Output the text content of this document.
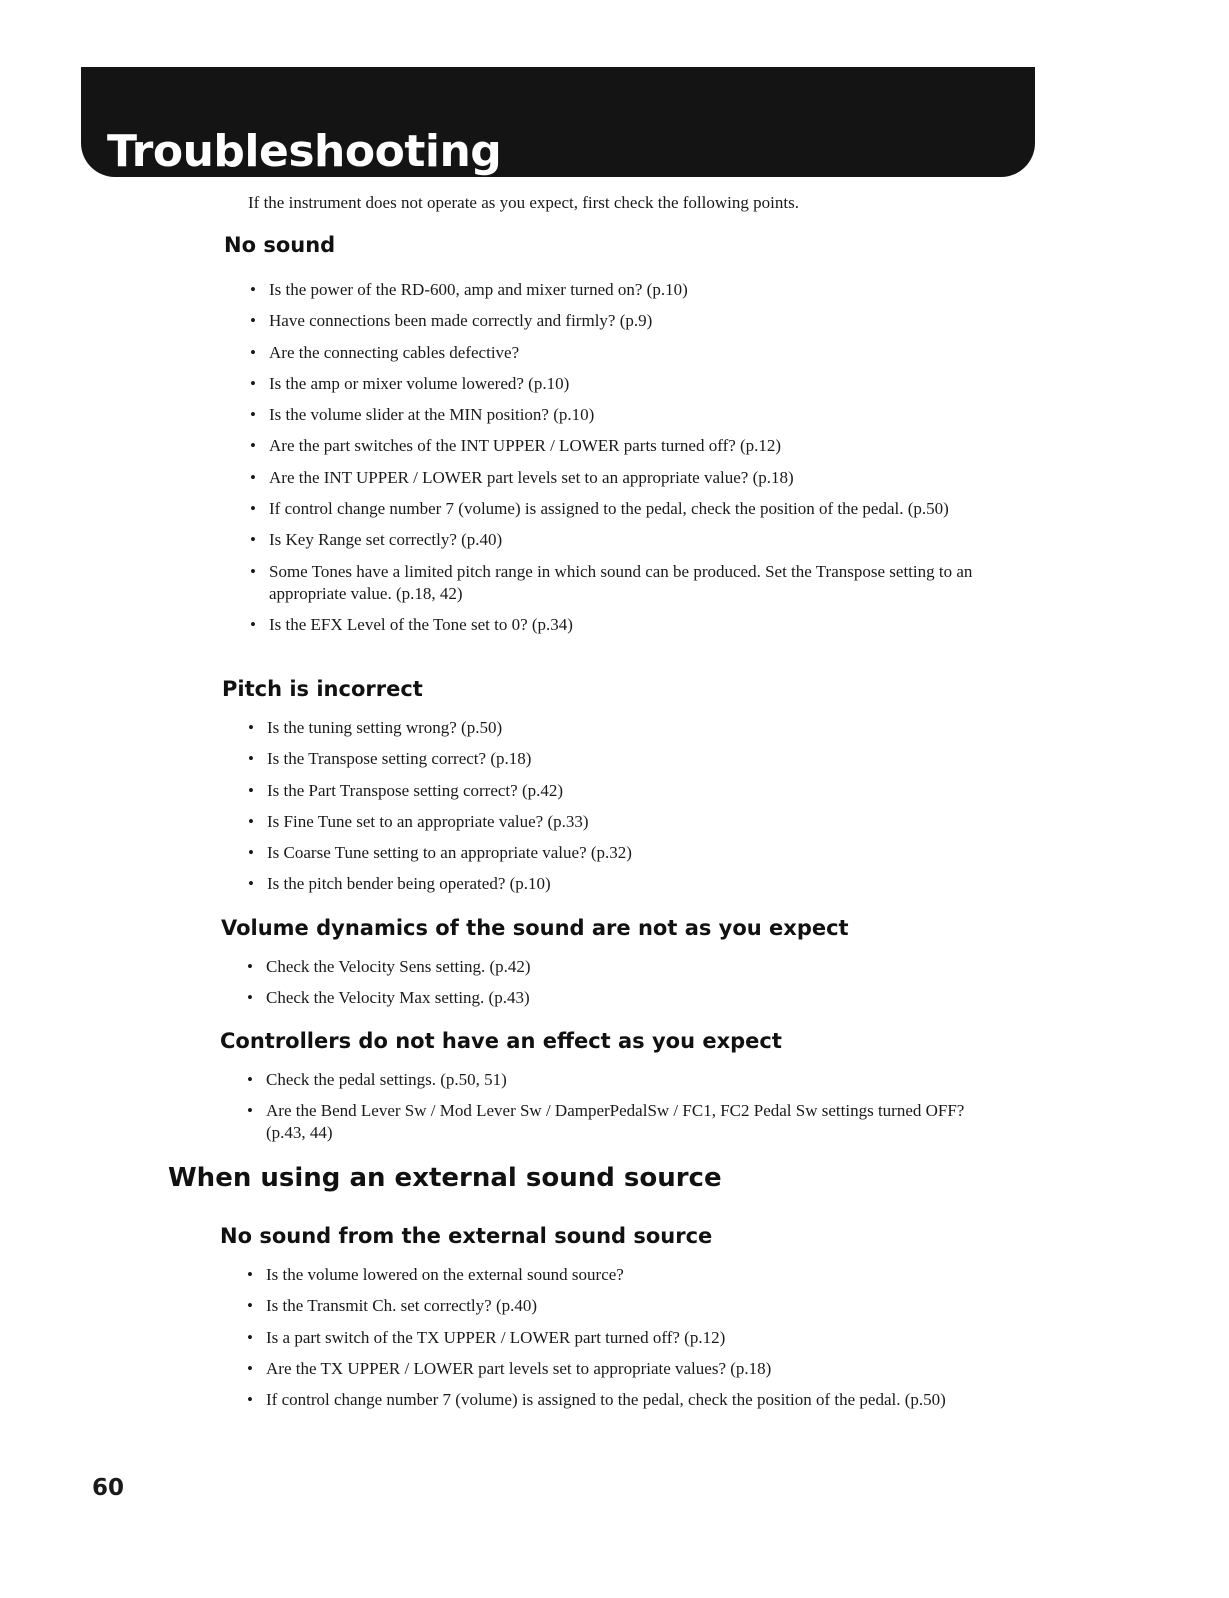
Troubleshooting

If the instrument does not operate as you expect, first check the following points.

No sound
• Is the power of the RD-600, amp and mixer turned on? (p.10)
• Have connections been made correctly and firmly? (p.9)
• Are the connecting cables defective?
• Is the amp or mixer volume lowered? (p.10)
• Is the volume slider at the MIN position? (p.10)
• Are the part switches of the INT UPPER / LOWER parts turned off? (p.12)
• Are the INT UPPER / LOWER part levels set to an appropriate value? (p.18)
• If control change number 7 (volume) is assigned to the pedal, check the position of the pedal. (p.50)
• Is Key Range set correctly? (p.40)
• Some Tones have a limited pitch range in which sound can be produced. Set the Transpose setting to an appropriate value. (p.18, 42)
• Is the EFX Level of the Tone set to 0? (p.34)
Pitch is incorrect
• Is the tuning setting wrong? (p.50)
• Is the Transpose setting correct? (p.18)
• Is the Part Transpose setting correct? (p.42)
• Is Fine Tune set to an appropriate value? (p.33)
• Is Coarse Tune setting to an appropriate value? (p.32)
• Is the pitch bender being operated? (p.10)
Volume dynamics of the sound are not as you expect
• Check the Velocity Sens setting. (p.42)
• Check the Velocity Max setting. (p.43)
Controllers do not have an effect as you expect
• Check the pedal settings. (p.50, 51)
• Are the Bend Lever Sw / Mod Lever Sw / DamperPedalSw / FC1, FC2 Pedal Sw settings turned OFF? (p.43, 44)
When using an external sound source
No sound from the external sound source
• Is the volume lowered on the external sound source?
• Is the Transmit Ch. set correctly? (p.40)
• Is a part switch of the TX UPPER / LOWER part turned off? (p.12)
• Are the TX UPPER / LOWER part levels set to appropriate values? (p.18)
• If control change number 7 (volume) is assigned to the pedal, check the position of the pedal. (p.50)

60
